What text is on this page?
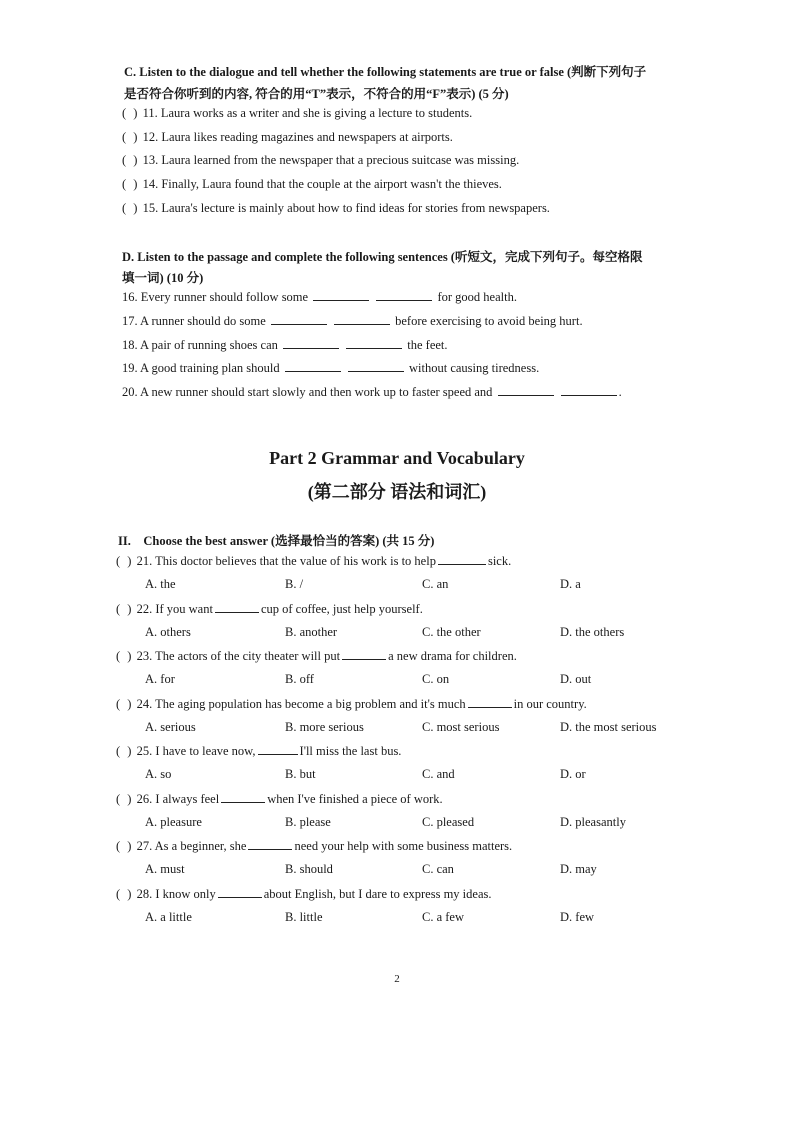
C. Listen to the dialogue and tell whether the following statements are true or false (判断下列句子
是否符合你听到的内容, 符合的用“T”表示，不符合的用“F”表示) (5 分)
( ) 11. Laura works as a writer and she is giving a lecture to students.
( ) 12. Laura likes reading magazines and newspapers at airports.
( ) 13. Laura learned from the newspaper that a precious suitcase was missing.
( ) 14. Finally, Laura found that the couple at the airport wasn't the thieves.
( ) 15. Laura's lecture is mainly about how to find ideas for stories from newspapers.
D. Listen to the passage and complete the following sentences (听短文，完成下列句子。每空格限
填一词) (10 分)
16. Every runner should follow some	for good health.
17. A runner should do some	before exercising to avoid being hurt.
18. A pair of running shoes can	the feet.
19. A good training plan should	without causing tiredness.
20. A new runner should start slowly and then work up to faster speed and	.
Part 2 Grammar and Vocabulary
(第二部分 语法和词汇)
II. Choose the best answer (选择最恰当的答案) (共 15 分)
( ) 21. This doctor believes that the value of his work is to help	sick.
A. the	B. /	C. an	D. a
( ) 22. If you want	cup of coffee, just help yourself.
A. others	B. another	C. the other	D. the others
( ) 23. The actors of the city theater will put	a new drama for children.
A. for	B. off	C. on	D. out
( ) 24. The aging population has become a big problem and it's much	in our country.
A. serious	B. more serious	C. most serious	D. the most serious
( ) 25. I have to leave now,	I'll miss the last bus.
A. so	B. but	C. and	D. or
( ) 26. I always feel	when I've finished a piece of work.
A. pleasure	B. please	C. pleased	D. pleasantly
( ) 27. As a beginner, she	need your help with some business matters.
A. must	B. should	C. can	D. may
( ) 28. I know only	about English, but I dare to express my ideas.
A. a little	B. little	C. a few	D. few
2
